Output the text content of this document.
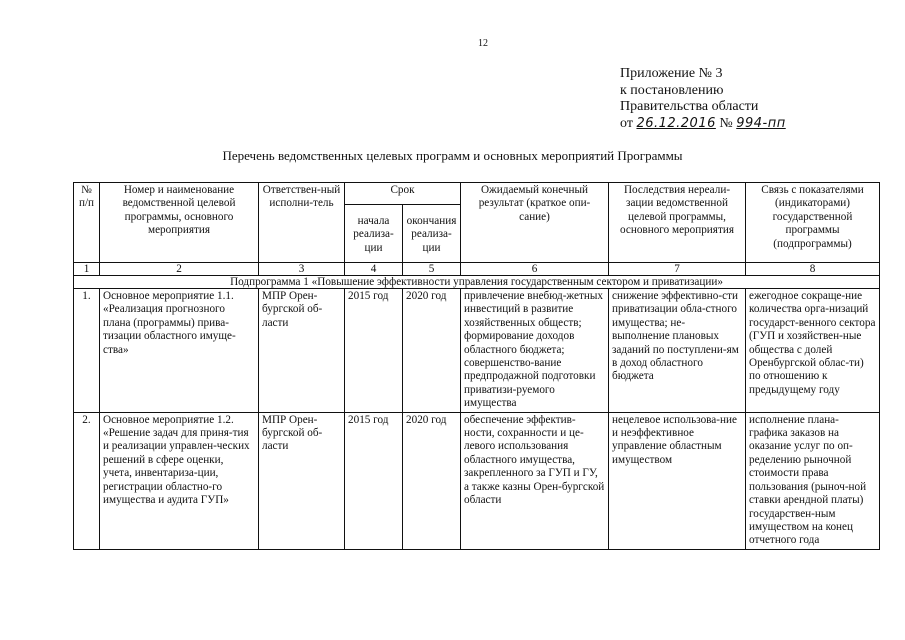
12
Приложение № 3
к постановлению
Правительства области
от 26.12.2016 № 994-пп
Перечень ведомственных целевых программ и основных мероприятий Программы
№ п/п	Номер и наименование ведомственной целевой программы, основного мероприятия	Ответствен-ный исполни-тель	Срок		Ожидаемый конечный результат (краткое опи-сание)	Последствия нереали-зации ведомственной целевой программы, основного мероприятия	Связь с показателями (индикаторами) государственной программы (подпрограммы)
			начала реализа-ции	окончания реализа-ции			
1	2	3	4	5	6	7	8
Подпрограмма 1 «Повышение эффективности управления государственным сектором и приватизации»							
1.	Основное мероприятие 1.1. «Реализация прогнозного плана (программы) прива-тизации областного имуще-ства»	МПР Орен-бургской об-ласти	2015 год	2020 год	привлечение внебюд-жетных инвестиций в развитие хозяйственных обществ; формирование доходов областного бюджета; совершенство-вание предпродажной подготовки приватизи-руемого имущества	снижение эффективно-сти приватизации обла-стного имущества; не-выполнение плановых заданий по поступлени-ям в доход областного бюджета	ежегодное сокраще-ние количества орга-низаций государст-венного сектора (ГУП и хозяйствен-ные общества с долей Оренбургской облас-ти) по отношению к предыдущему году
2.	Основное мероприятие 1.2. «Решение задач для приня-тия и реализации управлен-ческих решений в сфере оценки, учета, инвентариза-ции, регистрации областно-го имущества и аудита ГУП»	МПР Орен-бургской об-ласти	2015 год	2020 год	обеспечение эффектив-ности, сохранности и це-левого использования областного имущества, закрепленного за ГУП и ГУ, а также казны Орен-бургской области	нецелевое использова-ние и неэффективное управление областным имуществом	исполнение плана-графика заказов на оказание услуг по оп-ределению рыночной стоимости права пользования (рыноч-ной ставки арендной платы) государствен-ным имуществом на конец отчетного года
